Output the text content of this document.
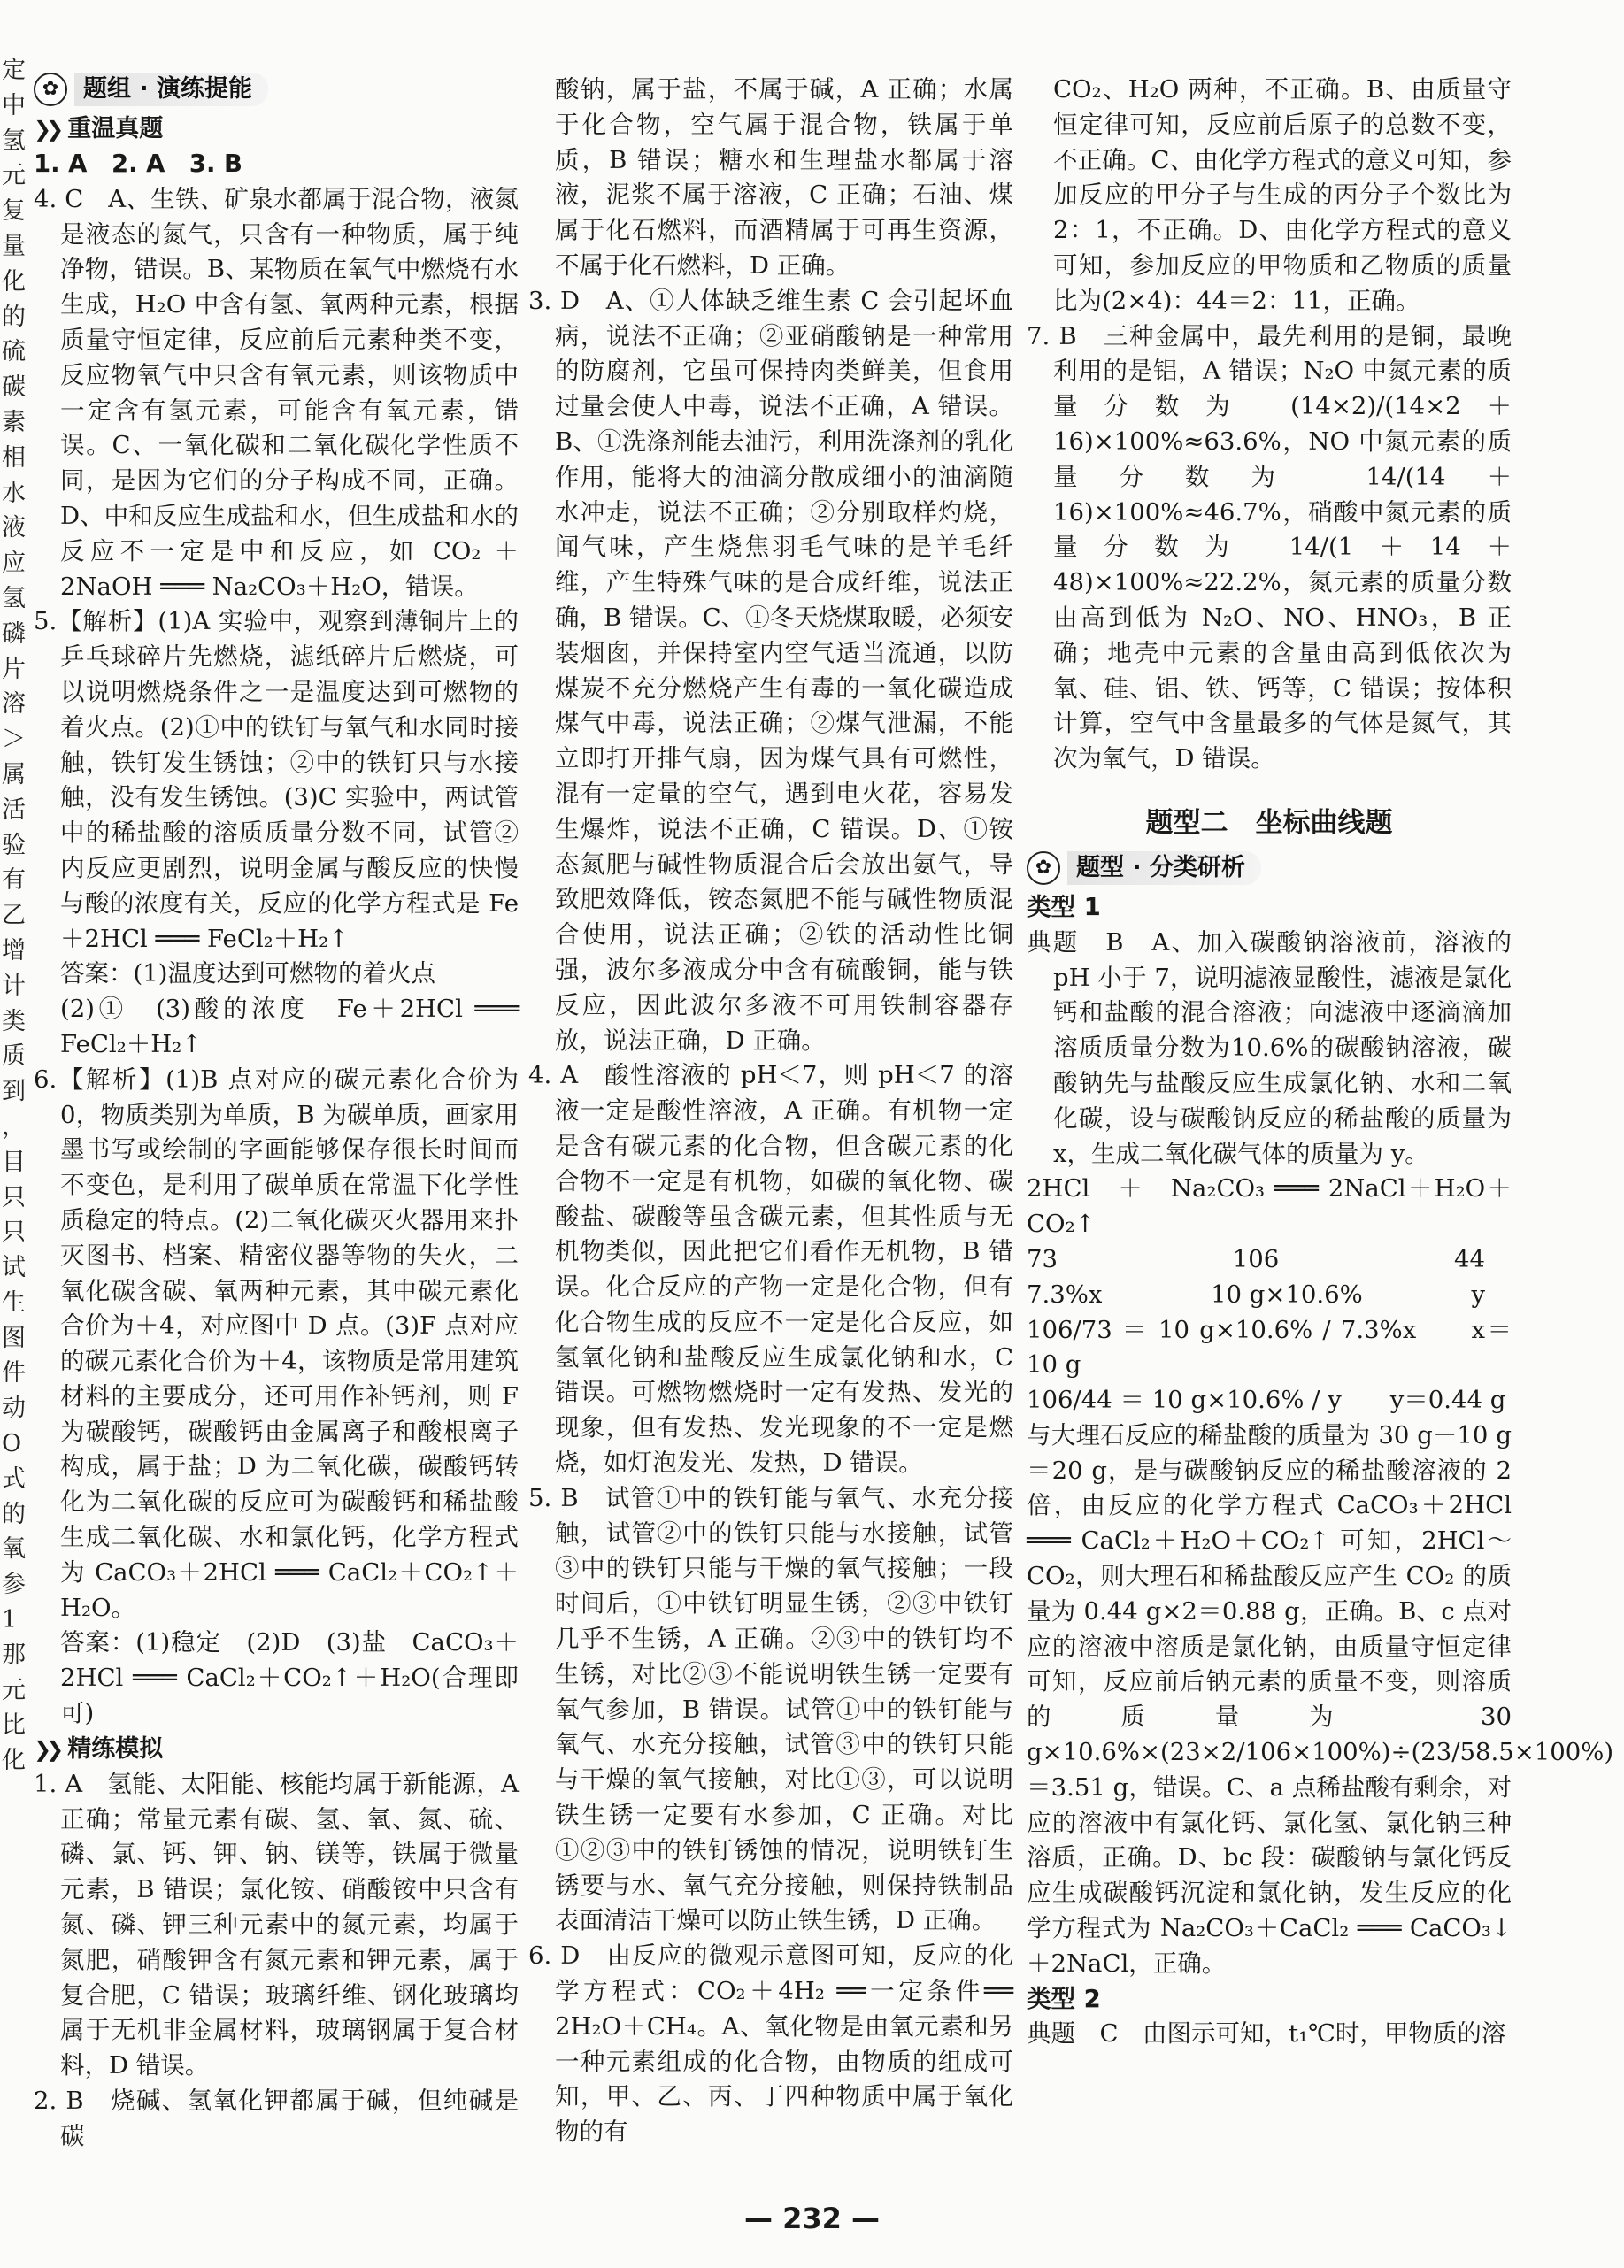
定
中
氢
元
复
量
化
的
硫
碳
素
相
水
液
应
氢
磷
片
溶
＞
属
活
验
有
乙
增
计
类
质
到
，
目
只
只
试
生
图
件
动
O
式
的
氧
参
1
那
元
比
化
✿	题组 · 演练提能

❯❯ 重温真题

1. A　2. A　3. B

4. C　A、生铁、矿泉水都属于混合物，液氮是液态的氮气，只含有一种物质，属于纯净物，错误。B、某物质在氧气中燃烧有水生成，H₂O 中含有氢、氧两种元素，根据质量守恒定律，反应前后元素种类不变，反应物氧气中只含有氧元素，则该物质中一定含有氢元素，可能含有氧元素，错误。C、一氧化碳和二氧化碳化学性质不同，是因为它们的分子构成不同，正确。D、中和反应生成盐和水，但生成盐和水的反应不一定是中和反应，如 CO₂ ＋ 2NaOH ═══ Na₂CO₃＋H₂O，错误。

5.【解析】(1)A 实验中，观察到薄铜片上的乒乓球碎片先燃烧，滤纸碎片后燃烧，可以说明燃烧条件之一是温度达到可燃物的着火点。(2)①中的铁钉与氧气和水同时接触，铁钉发生锈蚀；②中的铁钉只与水接触，没有发生锈蚀。(3)C 实验中，两试管中的稀盐酸的溶质质量分数不同，试管②内反应更剧烈，说明金属与酸反应的快慢与酸的浓度有关，反应的化学方程式是 Fe＋2HCl ═══ FeCl₂＋H₂↑

答案：(1)温度达到可燃物的着火点

(2)①　(3)酸的浓度　Fe＋2HCl ═══ FeCl₂＋H₂↑

6.【解析】(1)B 点对应的碳元素化合价为 0，物质类别为单质，B 为碳单质，画家用墨书写或绘制的字画能够保存很长时间而不变色，是利用了碳单质在常温下化学性质稳定的特点。(2)二氧化碳灭火器用来扑灭图书、档案、精密仪器等物的失火，二氧化碳含碳、氧两种元素，其中碳元素化合价为＋4，对应图中 D 点。(3)F 点对应的碳元素化合价为＋4，该物质是常用建筑材料的主要成分，还可用作补钙剂，则 F 为碳酸钙，碳酸钙由金属离子和酸根离子构成，属于盐；D 为二氧化碳，碳酸钙转化为二氧化碳的反应可为碳酸钙和稀盐酸生成二氧化碳、水和氯化钙，化学方程式为 CaCO₃＋2HCl ═══ CaCl₂＋CO₂↑＋H₂O。

答案：(1)稳定　(2)D　(3)盐　CaCO₃＋2HCl ═══ CaCl₂＋CO₂↑＋H₂O(合理即可)

❯❯ 精练模拟

1. A　氢能、太阳能、核能均属于新能源，A 正确；常量元素有碳、氢、氧、氮、硫、磷、氯、钙、钾、钠、镁等，铁属于微量元素，B 错误；氯化铵、硝酸铵中只含有氮、磷、钾三种元素中的氮元素，均属于氮肥，硝酸钾含有氮元素和钾元素，属于复合肥，C 错误；玻璃纤维、钢化玻璃均属于无机非金属材料，玻璃钢属于复合材料，D 错误。

2. B　烧碱、氢氧化钾都属于碱，但纯碱是碳

酸钠，属于盐，不属于碱，A 正确；水属于化合物，空气属于混合物，铁属于单质，B 错误；糖水和生理盐水都属于溶液，泥浆不属于溶液，C 正确；石油、煤属于化石燃料，而酒精属于可再生资源，不属于化石燃料，D 正确。

3. D　A、①人体缺乏维生素 C 会引起坏血病，说法不正确；②亚硝酸钠是一种常用的防腐剂，它虽可保持肉类鲜美，但食用过量会使人中毒，说法不正确，A 错误。B、①洗涤剂能去油污，利用洗涤剂的乳化作用，能将大的油滴分散成细小的油滴随水冲走，说法不正确；②分别取样灼烧，闻气味，产生烧焦羽毛气味的是羊毛纤维，产生特殊气味的是合成纤维，说法正确，B 错误。C、①冬天烧煤取暖，必须安装烟囱，并保持室内空气适当流通，以防煤炭不充分燃烧产生有毒的一氧化碳造成煤气中毒，说法正确；②煤气泄漏，不能立即打开排气扇，因为煤气具有可燃性，混有一定量的空气，遇到电火花，容易发生爆炸，说法不正确，C 错误。D、①铵态氮肥与碱性物质混合后会放出氨气，导致肥效降低，铵态氮肥不能与碱性物质混合使用，说法正确；②铁的活动性比铜强，波尔多液成分中含有硫酸铜，能与铁反应，因此波尔多液不可用铁制容器存放，说法正确，D 正确。

4. A　酸性溶液的 pH＜7，则 pH＜7 的溶液一定是酸性溶液，A 正确。有机物一定是含有碳元素的化合物，但含碳元素的化合物不一定是有机物，如碳的氧化物、碳酸盐、碳酸等虽含碳元素，但其性质与无机物类似，因此把它们看作无机物，B 错误。化合反应的产物一定是化合物，但有化合物生成的反应不一定是化合反应，如氢氧化钠和盐酸反应生成氯化钠和水，C 错误。可燃物燃烧时一定有发热、发光的现象，但有发热、发光现象的不一定是燃烧，如灯泡发光、发热，D 错误。

5. B　试管①中的铁钉能与氧气、水充分接触，试管②中的铁钉只能与水接触，试管③中的铁钉只能与干燥的氧气接触；一段时间后，①中铁钉明显生锈，②③中铁钉几乎不生锈，A 正确。②③中的铁钉均不生锈，对比②③不能说明铁生锈一定要有氧气参加，B 错误。试管①中的铁钉能与氧气、水充分接触，试管③中的铁钉只能与干燥的氧气接触，对比①③，可以说明铁生锈一定要有水参加，C 正确。对比①②③中的铁钉锈蚀的情况，说明铁钉生锈要与水、氧气充分接触，则保持铁制品表面清洁干燥可以防止铁生锈，D 正确。

6. D　由反应的微观示意图可知，反应的化学方程式：CO₂＋4H₂ ══一定条件══ 2H₂O＋CH₄。A、氧化物是由氧元素和另一种元素组成的化合物，由物质的组成可知，甲、乙、丙、丁四种物质中属于氧化物的有

CO₂、H₂O 两种，不正确。B、由质量守恒定律可知，反应前后原子的总数不变，不正确。C、由化学方程式的意义可知，参加反应的甲分子与生成的丙分子个数比为 2：1，不正确。D、由化学方程式的意义可知，参加反应的甲物质和乙物质的质量比为(2×4)：44＝2：11，正确。

7. B　三种金属中，最先利用的是铜，最晚利用的是铝，A 错误；N₂O 中氮元素的质量分数为 (14×2)/(14×2＋16)×100%≈63.6%，NO 中氮元素的质量分数为 14/(14＋16)×100%≈46.7%，硝酸中氮元素的质量分数为 14/(1＋14＋48)×100%≈22.2%，氮元素的质量分数由高到低为 N₂O、NO、HNO₃，B 正确；地壳中元素的含量由高到低依次为氧、硅、铝、铁、钙等，C 错误；按体积计算，空气中含量最多的气体是氮气，其次为氧气，D 错误。

题型二　坐标曲线题
✿	题型 · 分类研析

类型 1

典题　B　A、加入碳酸钠溶液前，溶液的 pH 小于 7，说明滤液显酸性，滤液是氯化钙和盐酸的混合溶液；向滤液中逐滴滴加溶质质量分数为10.6%的碳酸钠溶液，碳酸钠先与盐酸反应生成氯化钠、水和二氧化碳，设与碳酸钠反应的稀盐酸的质量为 x，生成二氧化碳气体的质量为 y。

2HCl　＋　Na₂CO₃ ═══ 2NaCl＋H₂O＋CO₂↑

73	106	44
7.3%x	10 g×10.6%	y

106/73 ＝ 10 g×10.6% / 7.3%x　　x＝10 g

106/44 ＝ 10 g×10.6% / y　　y＝0.44 g

与大理石反应的稀盐酸的质量为 30 g－10 g＝20 g，是与碳酸钠反应的稀盐酸溶液的 2 倍，由反应的化学方程式 CaCO₃＋2HCl ═══ CaCl₂＋H₂O＋CO₂↑ 可知，2HCl～CO₂，则大理石和稀盐酸反应产生 CO₂ 的质量为 0.44 g×2＝0.88 g，正确。B、c 点对应的溶液中溶质是氯化钠，由质量守恒定律可知，反应前后钠元素的质量不变，则溶质的质量为 30 g×10.6%×(23×2/106×100%)÷(23/58.5×100%)＝3.51 g，错误。C、a 点稀盐酸有剩余，对应的溶液中有氯化钙、氯化氢、氯化钠三种溶质，正确。D、bc 段：碳酸钠与氯化钙反应生成碳酸钙沉淀和氯化钠，发生反应的化学方程式为 Na₂CO₃＋CaCl₂ ═══ CaCO₃↓＋2NaCl，正确。

类型 2

典题　C　由图示可知，t₁℃时，甲物质的溶

— 232 —
